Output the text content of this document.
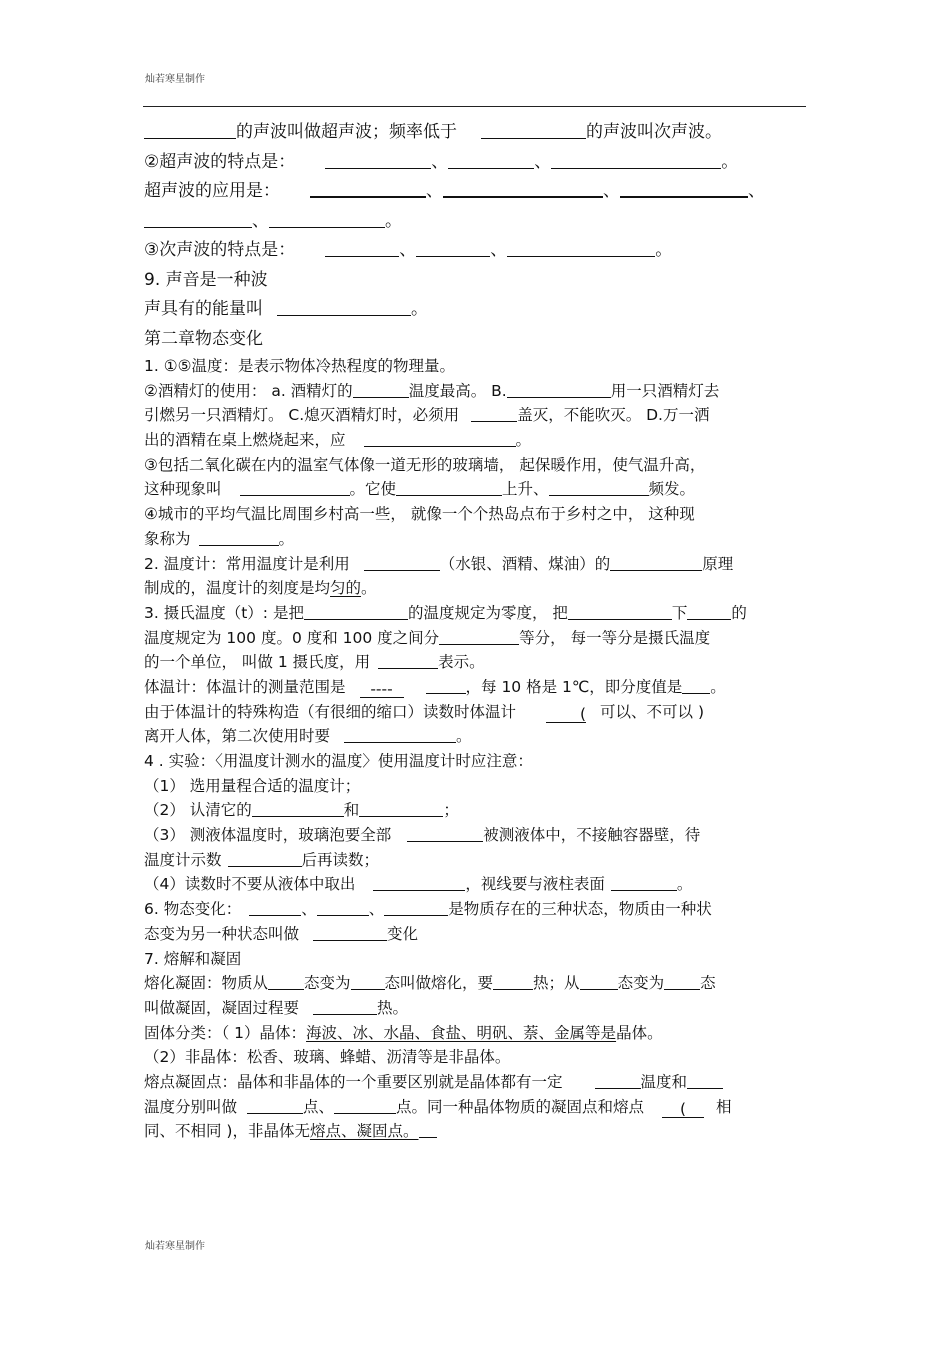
灿若寒星制作
的声波叫做超声波；频率低于	的声波叫次声波。
②超声波的特点是：	、	、	。
超声波的应用是：	、	、	、
、	。
③次声波的特点是：	、	、	。
9. 声音是一种波
声具有的能量叫	。
第二章物态变化
1. ①⑤温度：是表示物体冷热程度的物理量。
②酒精灯的使用： a. 酒精灯的	温度最高。 B.	用一只酒精灯去
引燃另一只酒精灯。 C.熄灭酒精灯时，必须用	盖灭，不能吹灭。 D.万一洒
出的酒精在桌上燃烧起来，应	。
③包括二氧化碳在内的温室气体像一道无形的玻璃墙， 起保暖作用，使气温升高，
这种现象叫	。它使	上升、	频发。
④城市的平均气温比周围乡村高一些， 就像一个个热岛点布于乡村之中， 这种现
象称为	。
2. 温度计：常用温度计是利用	（水银、酒精、煤油）的	原理
制成的，温度计的刻度是均匀的。
3. 摄氏温度（t）: 是把	的温度规定为零度， 把	下	的
温度规定为 100 度。0 度和 100 度之间分	等分， 每一等分是摄氏温度
的一个单位， 叫做 1 摄氏度，用	表示。
体温计：体温计的测量范围是 ----	，每 10 格是 1℃，即分度值是 。
由于体温计的特殊构造（有很细的缩口）读数时体温计	( 可以、不可以 )
离开人体，第二次使用时要	。
4 . 实验：〈用温度计测水的温度〉使用温度计时应注意：
（1） 选用量程合适的温度计；
（2） 认清它的	和	；
（3） 测液体温度时，玻璃泡要全部	被测液体中，不接触容器壁，待
温度计示数	后再读数；
（4）读数时不要从液体中取出	，视线要与液柱表面	。
6. 物态变化：	、	、	是物质存在的三种状态，物质由一种状
态变为另一种状态叫做	变化
7. 熔解和凝固
熔化凝固：物质从 态变为 态叫做熔化，要	热；从 态变为 态
叫做凝固，凝固过程要	热。
固体分类：（ 1）晶体：海波、冰、水晶、食盐、明矾、萘、金属等是晶体。
（2）非晶体：松香、玻璃、蜂蜡、沥清等是非晶体。
熔点凝固点：晶体和非晶体的一个重要区别就是晶体都有一定	温度和
温度分别叫做	点、	点。同一种晶体物质的凝固点和熔点 ( 相
同、不相同 )，非晶体无熔点、凝固点。
灿若寒星制作
